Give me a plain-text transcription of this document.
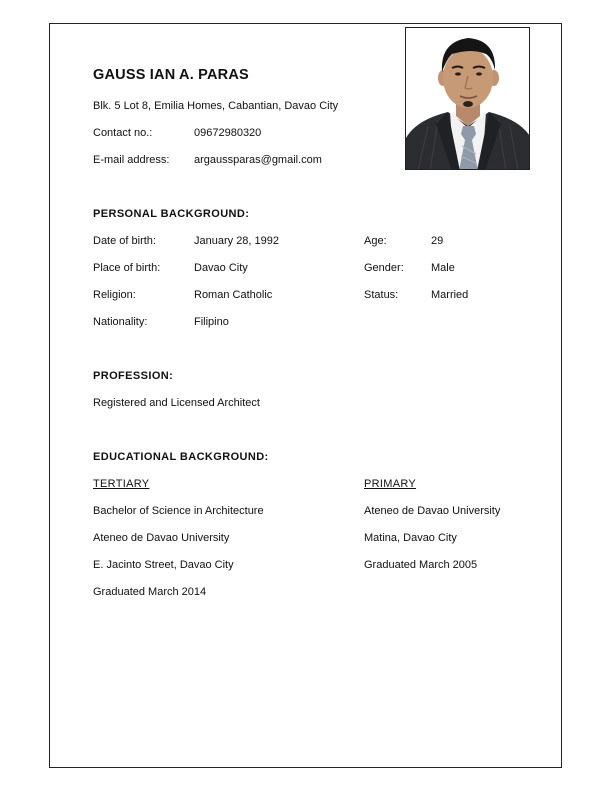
GAUSS IAN A. PARAS
Blk. 5 Lot 8, Emilia Homes, Cabantian, Davao City
Contact no.:	09672980320
E-mail address: argaussparas@gmail.com
PERSONAL BACKGROUND:
Date of birth:	January 28, 1992	Age:	29
Place of birth:	Davao City	Gender: Male
Religion:	Roman Catholic	Status:	Married
Nationality:	Filipino
PROFESSION:
Registered and Licensed Architect
EDUCATIONAL BACKGROUND:
TERTIARY
Bachelor of Science in Architecture
Ateneo de Davao University
E. Jacinto Street, Davao City
Graduated March 2014
PRIMARY
Ateneo de Davao University
Matina, Davao City
Graduated March 2005
